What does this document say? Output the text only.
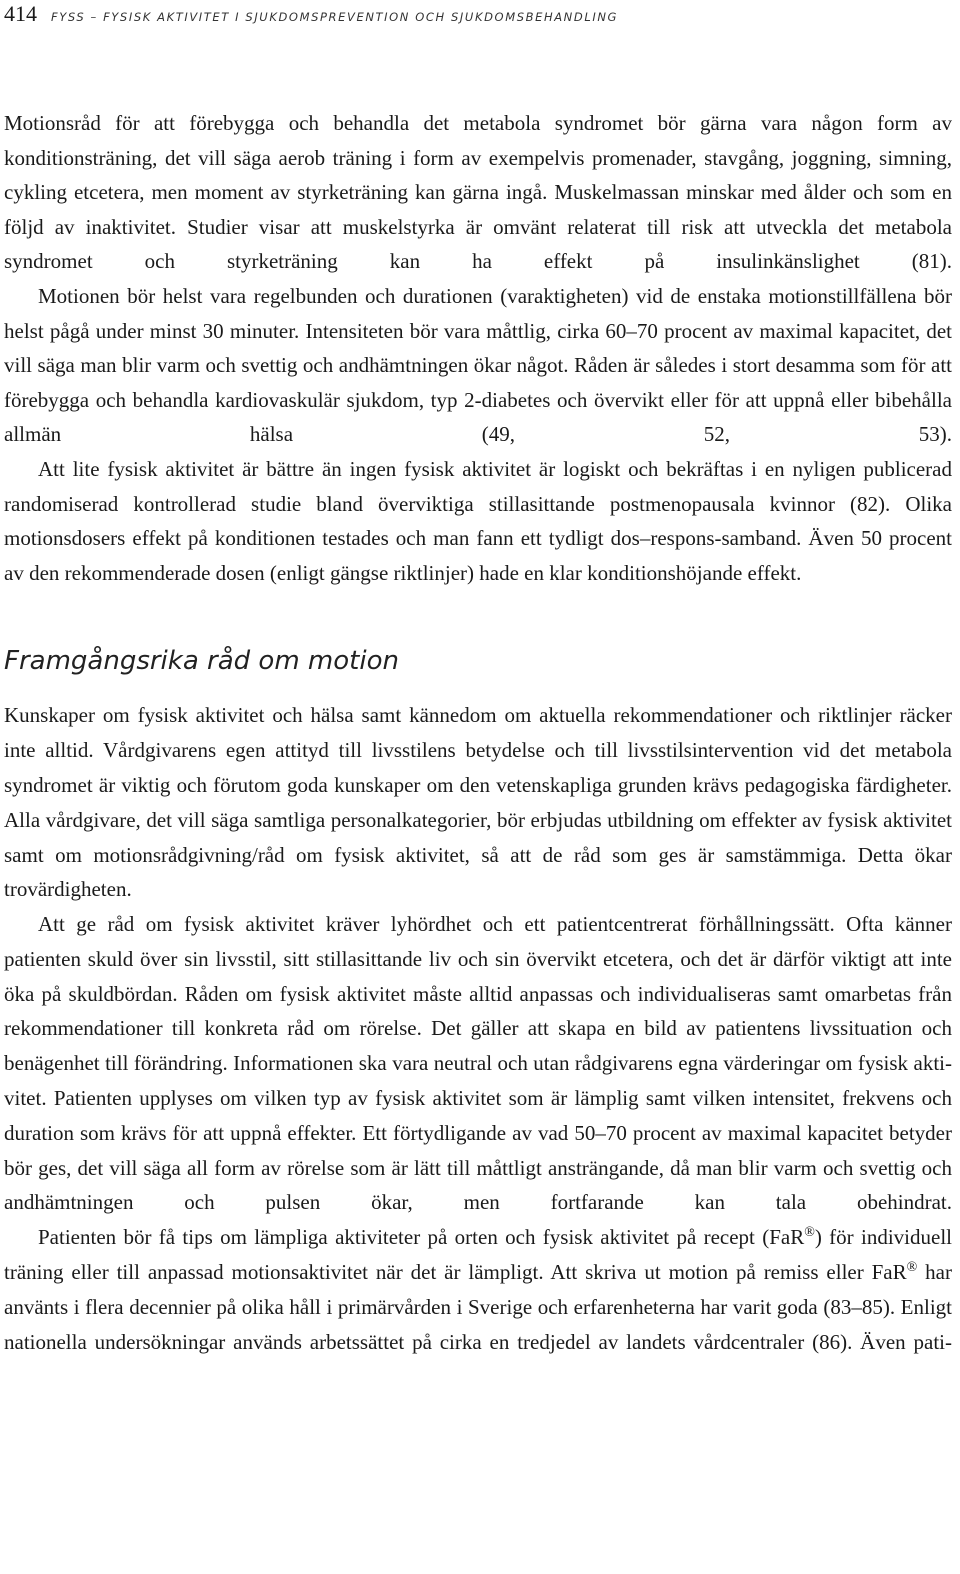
414 FYSS – FYSISK AKTIVITET I SJUKDOMSPREVENTION OCH SJUKDOMSBEHANDLING

Motionsråd för att förebygga och behandla det metabola syndromet bör gärna vara någon form av konditionsträning, det vill säga aerob träning i form av exempelvis promenader, stavgång, joggning, simning, cykling etcetera, men moment av styrketräning kan gärna ingå. Muskelmassan minskar med ålder och som en följd av inaktivitet. Studier visar att muskelstyrka är omvänt relaterat till risk att utveckla det metabola syndromet och styrketräning kan ha effekt på insulinkänslighet (81).

Motionen bör helst vara regelbunden och durationen (varaktigheten) vid de enstaka motionstillfällena bör helst pågå under minst 30 minuter. Intensiteten bör vara måttlig, cirka 60–70 procent av maximal kapacitet, det vill säga man blir varm och svettig och andhämtningen ökar något. Råden är således i stort desamma som för att förebygga och behandla kardiovaskulär sjukdom, typ 2-diabetes och övervikt eller för att uppnå eller bibehålla allmän hälsa (49, 52, 53).

Att lite fysisk aktivitet är bättre än ingen fysisk aktivitet är logiskt och bekräftas i en nyligen publicerad randomiserad kontrollerad studie bland överviktiga stillasittande postmenopausala kvinnor (82). Olika motionsdosers effekt på konditionen testades och man fann ett tydligt dos–respons-samband. Även 50 procent av den rekommenderade dosen (enligt gängse riktlinjer) hade en klar konditionshöjande effekt.

Framgångsrika råd om motion

Kunskaper om fysisk aktivitet och hälsa samt kännedom om aktuella rekommendationer och riktlinjer räcker inte alltid. Vårdgivarens egen attityd till livsstilens betydelse och till livsstilsintervention vid det metabola syndromet är viktig och förutom goda kunskaper om den vetenskapliga grunden krävs pedagogiska färdigheter. Alla vårdgivare, det vill säga samtliga personalkategorier, bör erbjudas utbildning om effekter av fysisk aktivitet samt om motionsrådgivning/råd om fysisk aktivitet, så att de råd som ges är samstämmiga. Detta ökar trovärdigheten.

Att ge råd om fysisk aktivitet kräver lyhördhet och ett patientcentrerat förhållningssätt. Ofta känner patienten skuld över sin livsstil, sitt stillasittande liv och sin övervikt etcetera, och det är därför viktigt att inte öka på skuldbördan. Råden om fysisk aktivitet måste alltid anpassas och individualiseras samt omarbetas från rekommendationer till konkreta råd om rörelse. Det gäller att skapa en bild av patientens livssituation och benägenhet till förändring. Informationen ska vara neutral och utan rådgivarens egna värderingar om fysisk aktivitet. Patienten upplyses om vilken typ av fysisk aktivitet som är lämplig samt vilken intensitet, frekvens och duration som krävs för att uppnå effekter. Ett förtydligande av vad 50–70 procent av maximal kapacitet betyder bör ges, det vill säga all form av rörelse som är lätt till måttligt ansträngande, då man blir varm och svettig och andhämtningen och pulsen ökar, men fortfarande kan tala obehindrat.

Patienten bör få tips om lämpliga aktiviteter på orten och fysisk aktivitet på recept (FaR®) för individuell träning eller till anpassad motionsaktivitet när det är lämpligt. Att skriva ut motion på remiss eller FaR® har använts i flera decennier på olika håll i primärvården i Sverige och erfarenheterna har varit goda (83–85). Enligt nationella undersökningar används arbetssättet på cirka en tredjedel av landets vårdcentraler (86). Även pati-
